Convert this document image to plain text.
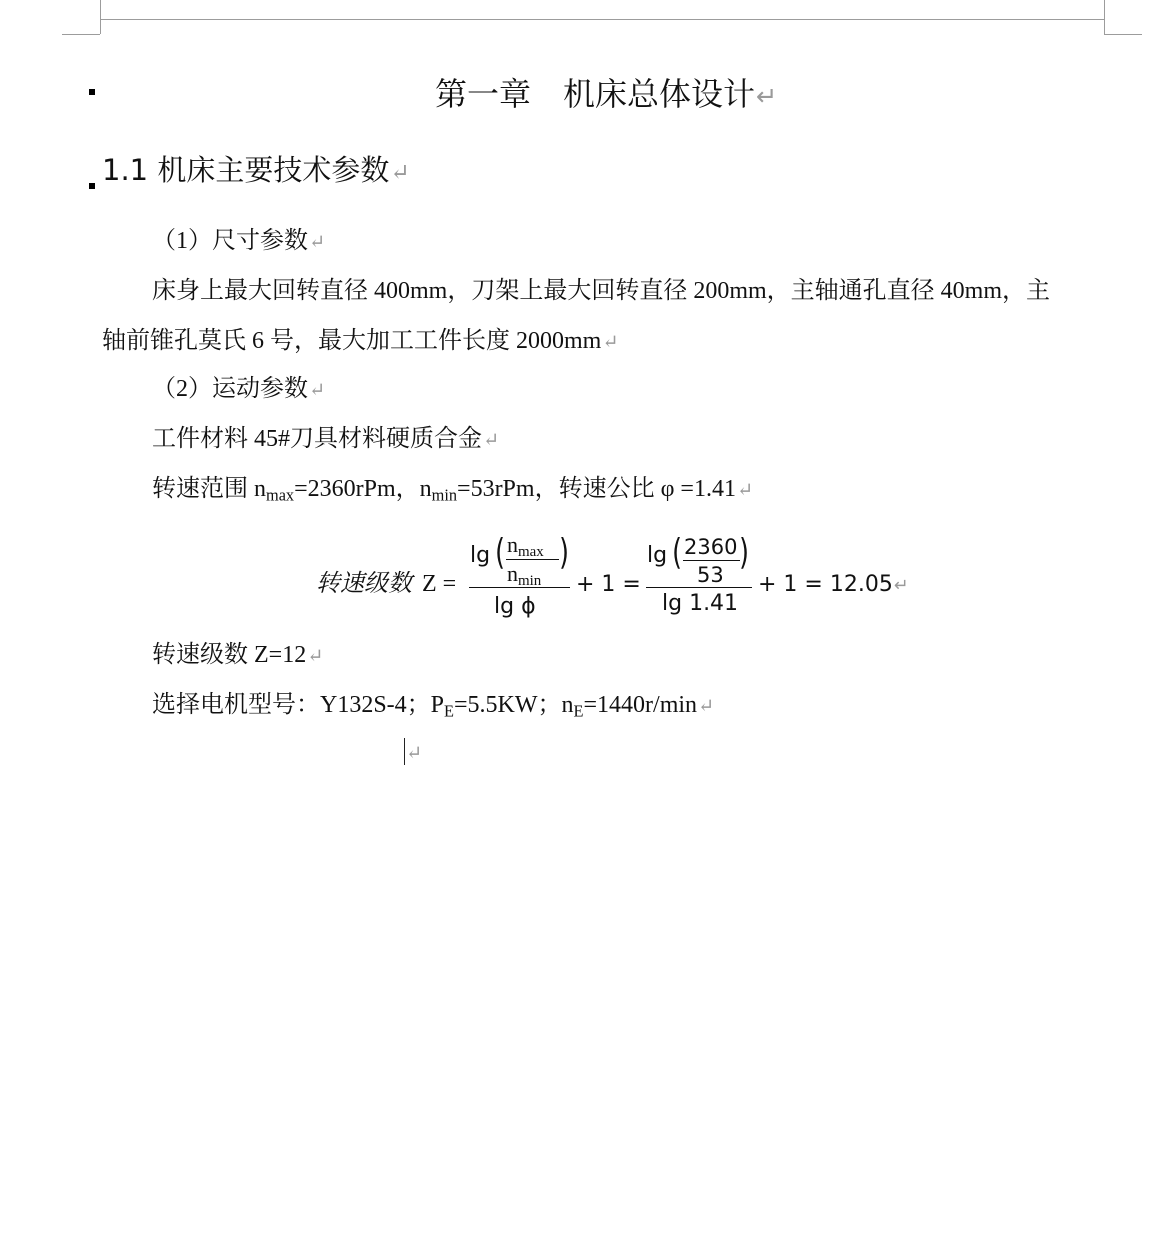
第一章　机床总体设计↵
1.1 机床主要技术参数↵
（1）尺寸参数↵
床身上最大回转直径 400mm，刀架上最大回转直径 200mm，主轴通孔直径 40mm，主
轴前锥孔莫氏 6 号，最大加工工件长度 2000mm↵
（2）运动参数↵
工件材料 45#刀具材料硬质合金↵
转速范围 $n_{max}=2360rPm$，$n_{min}=53rPm$，转速公比 φ =1.41↵
转速级数 Z =
lg ( $n_{max}$
$n_{min}$
)
lg ϕ
+ 1 =
lg ( 2360
53
)
lg 1.41
+ 1 = 12.05↵
转速级数 Z=12↵
选择电机型号：Y132S-4；$P_E=5.5KW$；$n_E=1440r/\min↵$
↵
